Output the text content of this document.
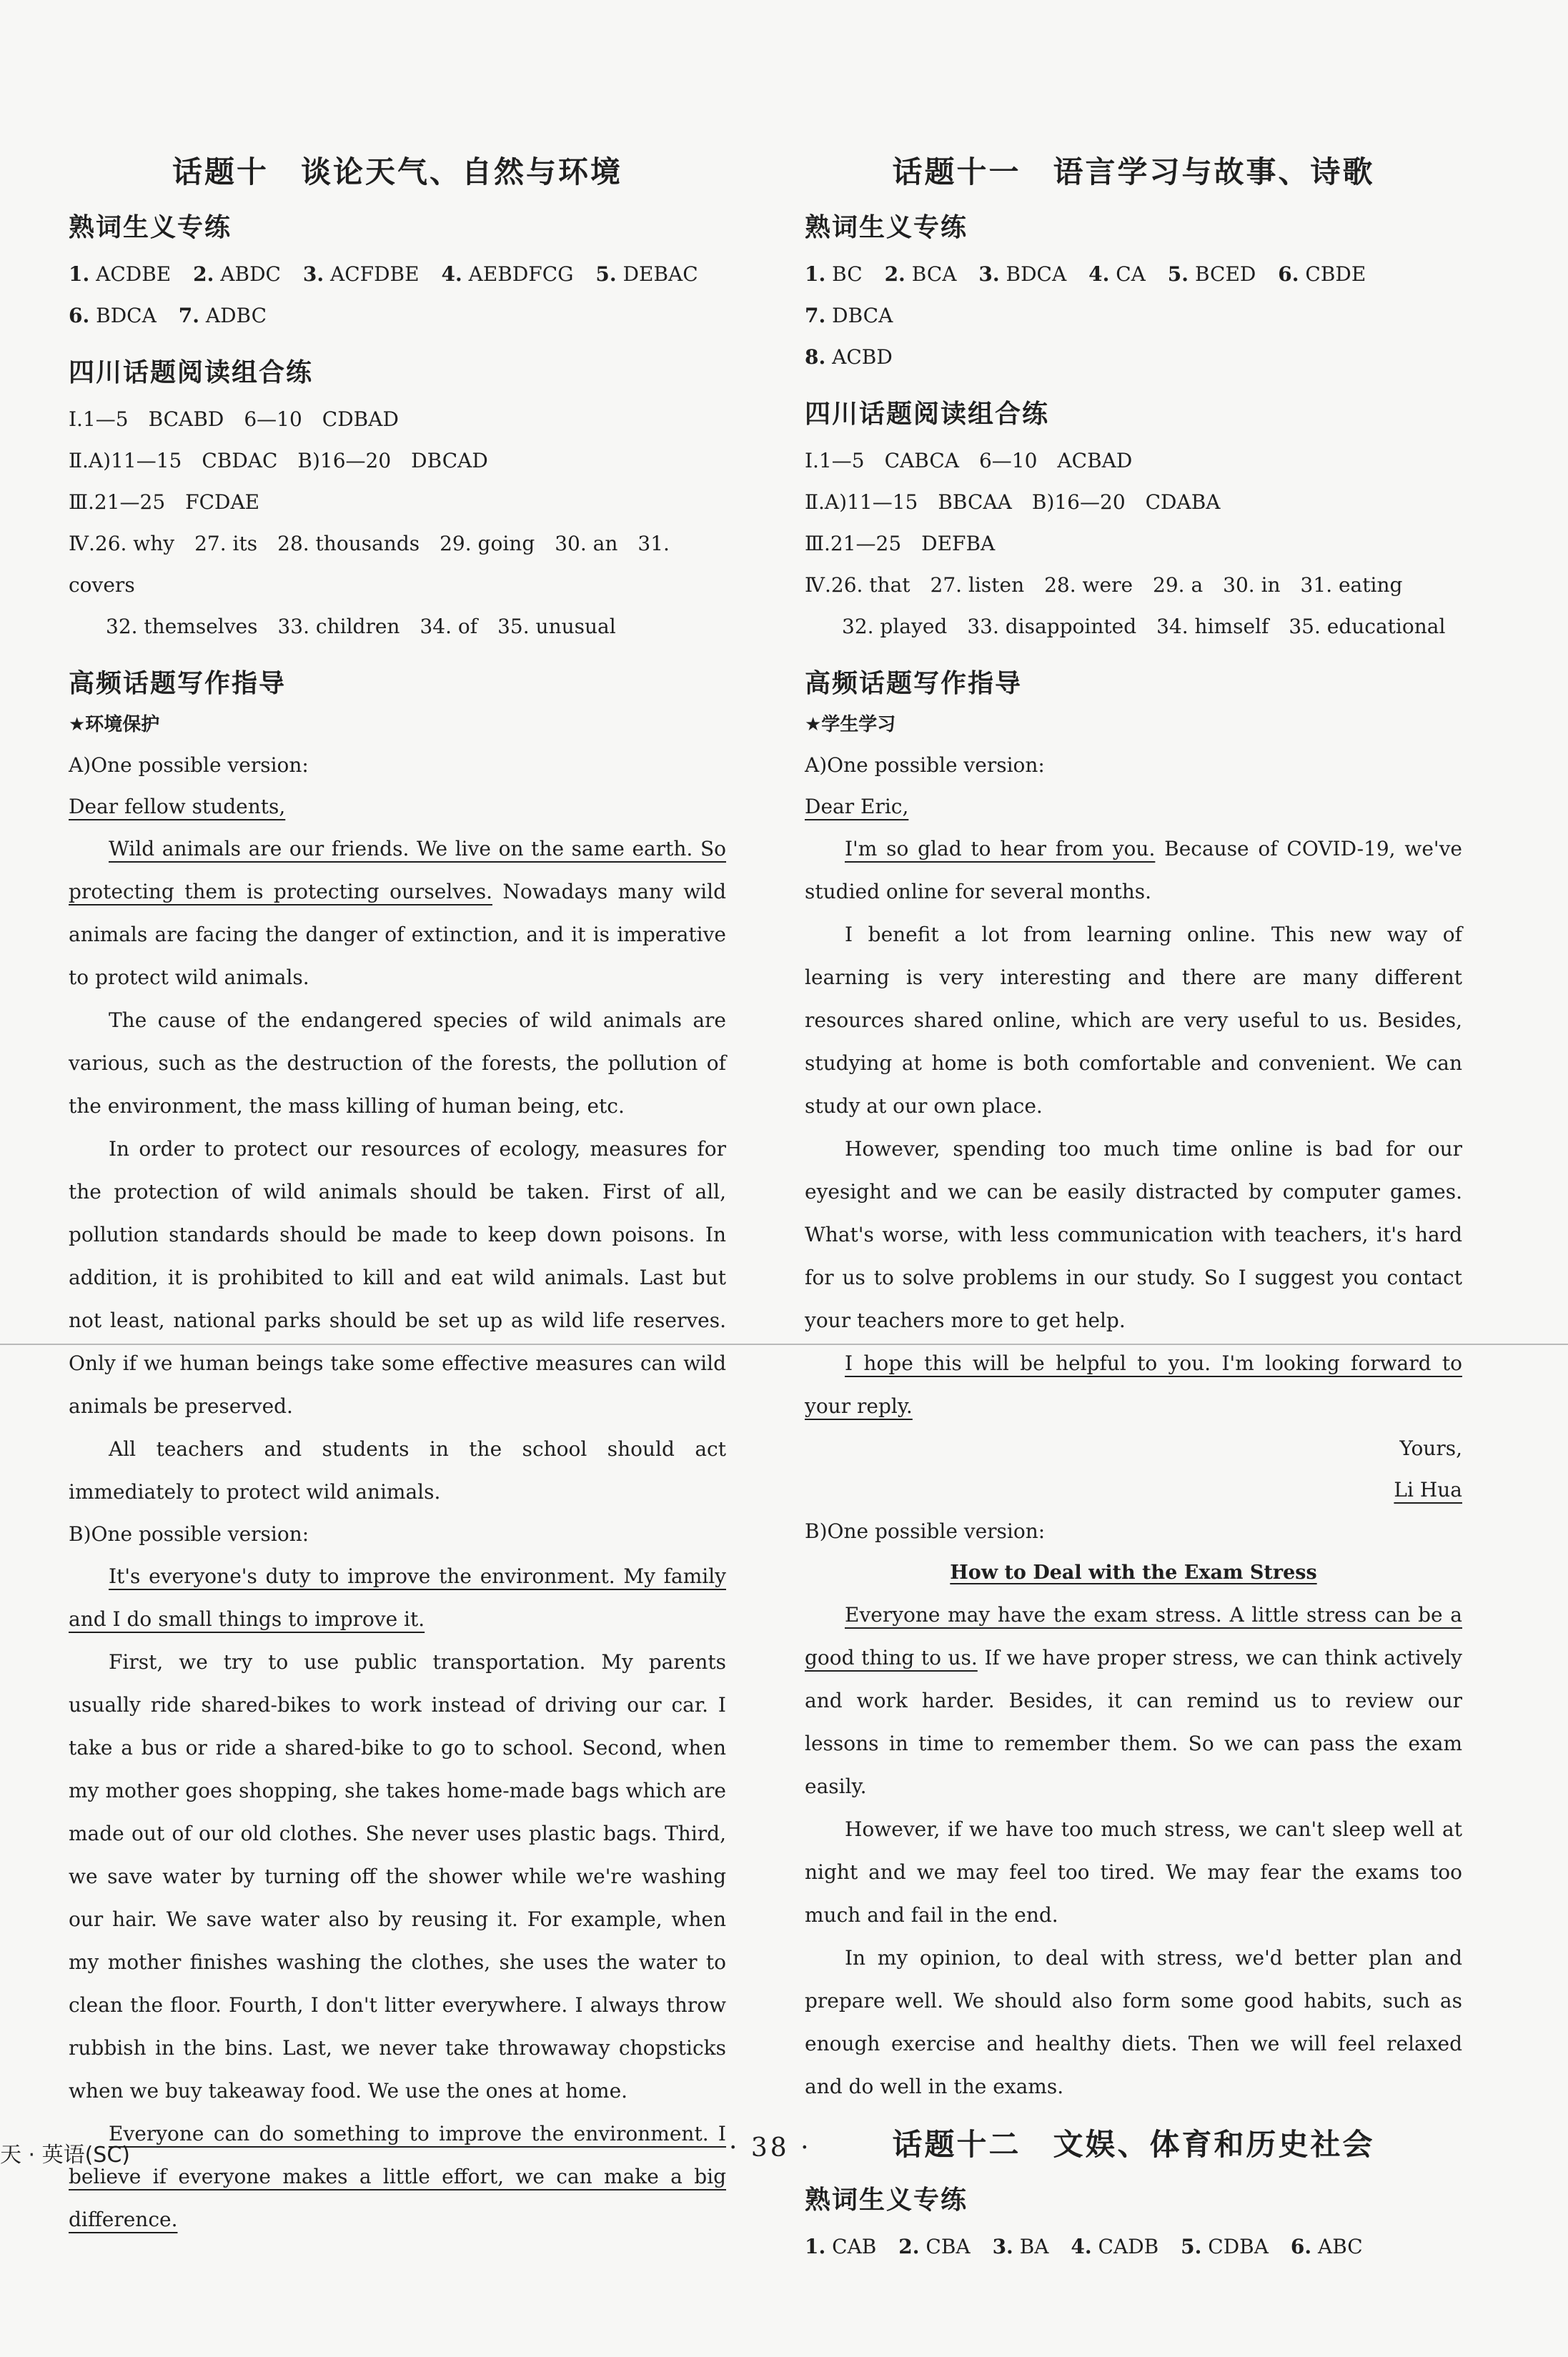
话题十　谈论天气、自然与环境
熟词生义专练
1. ACDBE 2. ABDC 3. ACFDBE 4. AEBDFCG 5. DEBAC
6. BDCA 7. ADBC
四川话题阅读组合练

Ⅰ.1—5　BCABD　6—10　CDBAD

Ⅱ.A)11—15　CBDAC　B)16—20　DBCAD

Ⅲ.21—25　FCDAE

Ⅳ.26. why　27. its　28. thousands　29. going　30. an　31. covers

32. themselves　33. children　34. of　35. unusual

高频话题写作指导
★环境保护

A)One possible version:

Dear fellow students,

Wild animals are our friends. We live on the same earth. So protecting them is protecting ourselves. Nowadays many wild animals are facing the danger of extinction, and it is imperative to protect wild animals.

The cause of the endangered species of wild animals are various, such as the destruction of the forests, the pollution of the environment, the mass killing of human being, etc.

In order to protect our resources of ecology, measures for the protection of wild animals should be taken. First of all, pollution standards should be made to keep down poisons. In addition, it is prohibited to kill and eat wild animals. Last but not least, national parks should be set up as wild life reserves. Only if we human beings take some effective measures can wild animals be preserved.

All teachers and students in the school should act immediately to protect wild animals.

B)One possible version:

It's everyone's duty to improve the environment. My family and I do small things to improve it.

First, we try to use public transportation. My parents usually ride shared-bikes to work instead of driving our car. I take a bus or ride a shared-bike to go to school. Second, when my mother goes shopping, she takes home-made bags which are made out of our old clothes. She never uses plastic bags. Third, we save water by turning off the shower while we're washing our hair. We save water also by reusing it. For example, when my mother finishes washing the clothes, she uses the water to clean the floor. Fourth, I don't litter everywhere. I always throw rubbish in the bins. Last, we never take throwaway chopsticks when we buy takeaway food. We use the ones at home.

Everyone can do something to improve the environment. I believe if everyone makes a little effort, we can make a big difference.

话题十一　语言学习与故事、诗歌
熟词生义专练
1. BC 2. BCA 3. BDCA 4. CA 5. BCED 6. CBDE 7. DBCA
8. ACBD
四川话题阅读组合练

Ⅰ.1—5　CABCA　6—10　ACBAD

Ⅱ.A)11—15　BBCAA　B)16—20　CDABA

Ⅲ.21—25　DEFBA

Ⅳ.26. that　27. listen　28. were　29. a　30. in　31. eating

32. played　33. disappointed　34. himself　35. educational

高频话题写作指导
★学生学习

A)One possible version:

Dear Eric,

I'm so glad to hear from you. Because of COVID-19, we've studied online for several months.

I benefit a lot from learning online. This new way of learning is very interesting and there are many different resources shared online, which are very useful to us. Besides, studying at home is both comfortable and convenient. We can study at our own place.

However, spending too much time online is bad for our eyesight and we can be easily distracted by computer games. What's worse, with less communication with teachers, it's hard for us to solve problems in our study. So I suggest you contact your teachers more to get help.

I hope this will be helpful to you. I'm looking forward to your reply.

Yours,

Li Hua

B)One possible version:

How to Deal with the Exam Stress

Everyone may have the exam stress. A little stress can be a good thing to us. If we have proper stress, we can think actively and work harder. Besides, it can remind us to review our lessons in time to remember them. So we can pass the exam easily.

However, if we have too much stress, we can't sleep well at night and we may feel too tired. We may fear the exams too much and fail in the end.

In my opinion, to deal with stress, we'd better plan and prepare well. We should also form some good habits, such as enough exercise and healthy diets. Then we will feel relaxed and do well in the exams.

话题十二　文娱、体育和历史社会
熟词生义专练
1. CAB 2. CBA 3. BA 4. CADB 5. CDBA 6. ABC
天 · 英语(SC)	· 38 ·
